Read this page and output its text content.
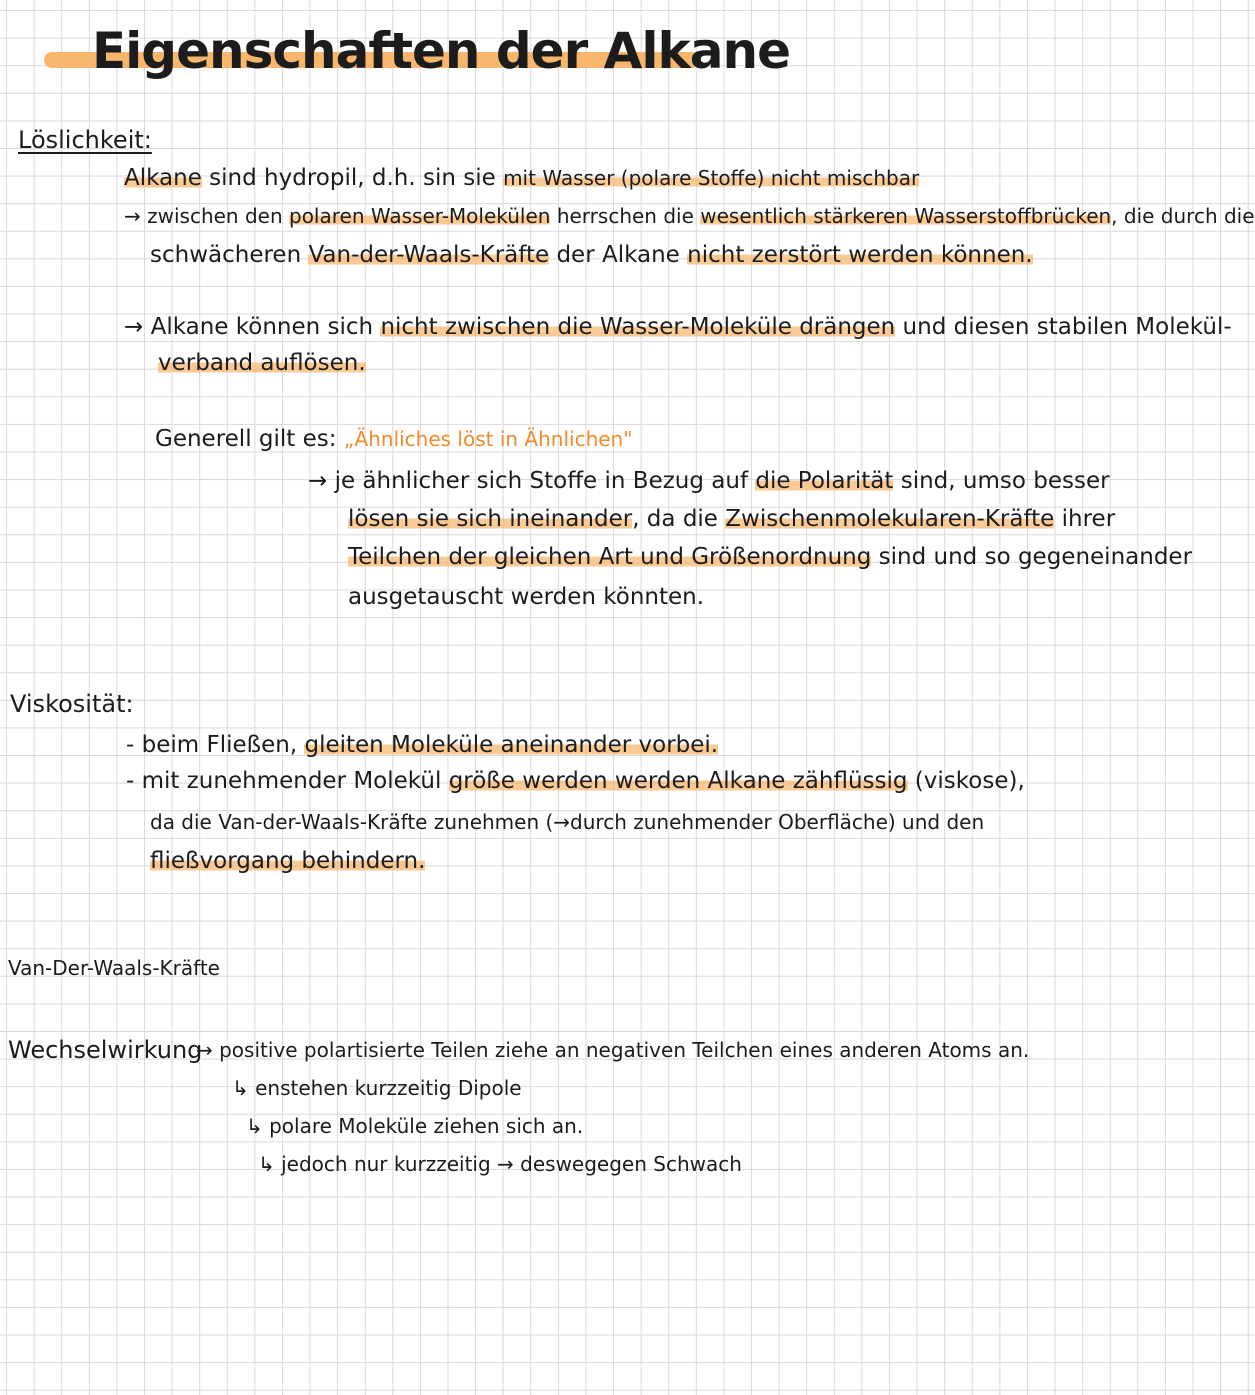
Eigenschaften der Alkane
Löslichkeit:
Alkane sind hydropil, d.h. sin sie mit Wasser (polare Stoffe) nicht mischbar
→ zwischen den polaren Wasser-Molekülen herrschen die wesentlich stärkeren Wasserstoffbrücken, die durch die
schwächeren Van-der-Waals-Kräfte der Alkane nicht zerstört werden können.
→ Alkane können sich nicht zwischen die Wasser-Moleküle drängen und diesen stabilen Molekül-
verband auflösen.
Generell gilt es: „Ähnliches löst in Ähnlichen"
→ je ähnlicher sich Stoffe in Bezug auf die Polarität sind, umso besser
lösen sie sich ineinander, da die Zwischenmolekularen-Kräfte ihrer
Teilchen der gleichen Art und Größenordnung sind und so gegeneinander
ausgetauscht werden könnten.
Viskosität:
- beim Fließen, gleiten Moleküle aneinander vorbei.
- mit zunehmender Molekül größe werden werden Alkane zähflüssig (viskose),
da die Van-der-Waals-Kräfte zunehmen (→durch zunehmender Oberfläche) und den
fließvorgang behindern.
Van-Der-Waals-Kräfte
Wechselwirkung
→ positive polartisierte Teilen ziehe an negativen Teilchen eines anderen Atoms an.
↳ enstehen kurzzeitig Dipole
↳ polare Moleküle ziehen sich an.
↳ jedoch nur kurzzeitig → deswegegen Schwach
